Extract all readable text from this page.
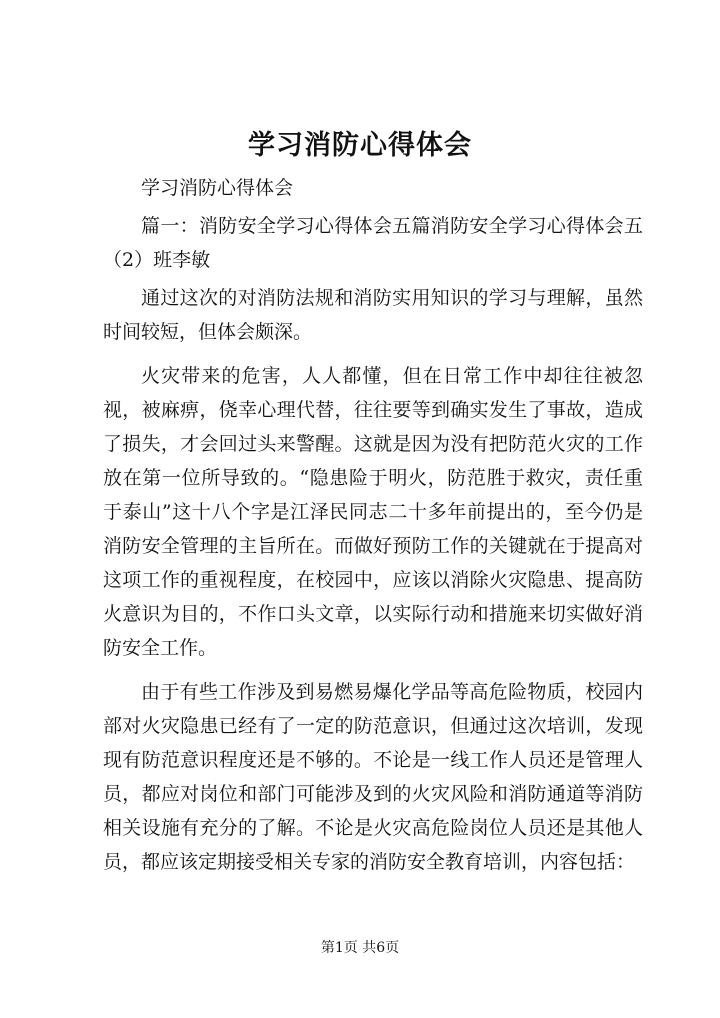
学习消防心得体会

学习消防心得体会

篇一：消防安全学习心得体会五篇消防安全学习心得体会五（2）班李敏

通过这次的对消防法规和消防实用知识的学习与理解，虽然时间较短，但体会颇深。

火灾带来的危害，人人都懂，但在日常工作中却往往被忽视，被麻痹，侥幸心理代替，往往要等到确实发生了事故，造成了损失，才会回过头来警醒。这就是因为没有把防范火灾的工作放在第一位所导致的。“隐患险于明火，防范胜于救灾，责任重于泰山”这十八个字是江泽民同志二十多年前提出的，至今仍是消防安全管理的主旨所在。而做好预防工作的关键就在于提高对这项工作的重视程度，在校园中，应该以消除火灾隐患、提高防火意识为目的，不作口头文章，以实际行动和措施来切实做好消防安全工作。

由于有些工作涉及到易燃易爆化学品等高危险物质，校园内部对火灾隐患已经有了一定的防范意识，但通过这次培训，发现现有防范意识程度还是不够的。不论是一线工作人员还是管理人员，都应对岗位和部门可能涉及到的火灾风险和消防通道等消防相关设施有充分的了解。不论是火灾高危险岗位人员还是其他人员，都应该定期接受相关专家的消防安全教育培训，内容包括：

第1页 共6页
